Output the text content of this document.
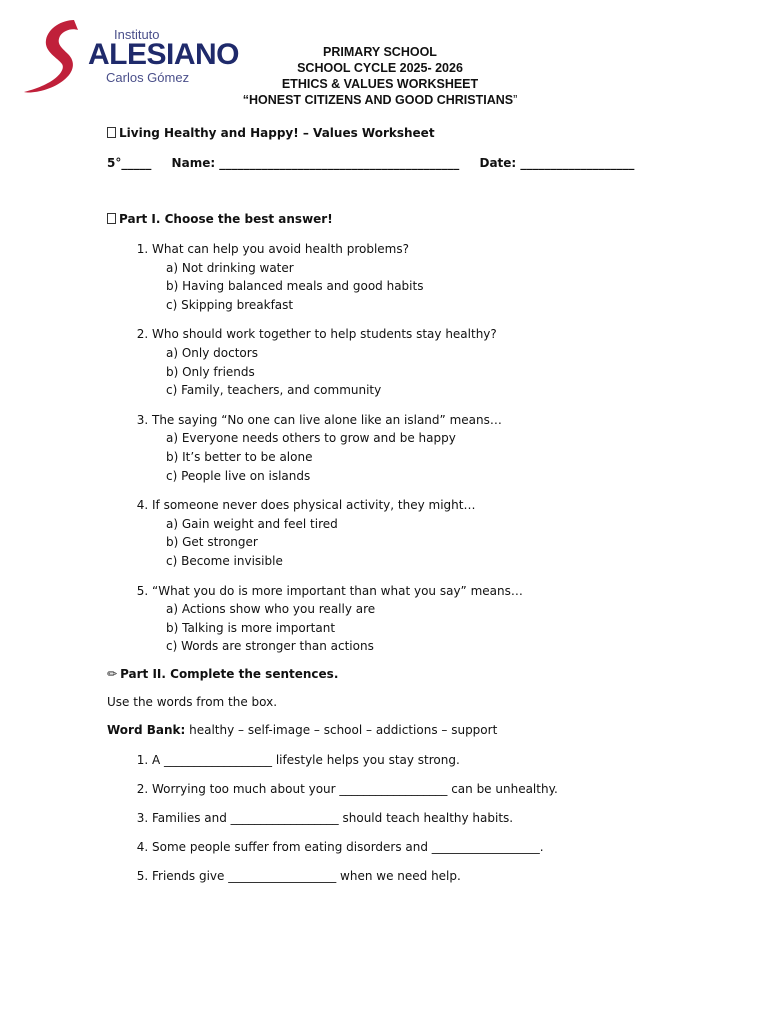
Instituto
ALESIANO
Carlos Gómez
PRIMARY SCHOOL
SCHOOL CYCLE 2025- 2026
ETHICS & VALUES WORKSHEET
“HONEST CITIZENS AND GOOD CHRISTIANS”
Living Healthy and Happy! – Values Worksheet
5°_____ Name: ________________________________________ Date: ___________________
Part I. Choose the best answer!
1. What can help you avoid health problems?
a) Not drinking water
b) Having balanced meals and good habits
c) Skipping breakfast
2. Who should work together to help students stay healthy?
a) Only doctors
b) Only friends
c) Family, teachers, and community
3. The saying “No one can live alone like an island” means…
a) Everyone needs others to grow and be happy
b) It’s better to be alone
c) People live on islands
4. If someone never does physical activity, they might…
a) Gain weight and feel tired
b) Get stronger
c) Become invisible
5. “What you do is more important than what you say” means…
a) Actions show who you really are
b) Talking is more important
c) Words are stronger than actions
✏ Part II. Complete the sentences.
Use the words from the box.
Word Bank: healthy – self-image – school – addictions – support
1. A __________________ lifestyle helps you stay strong.
2. Worrying too much about your __________________ can be unhealthy.
3. Families and __________________ should teach healthy habits.
4. Some people suffer from eating disorders and __________________.
5. Friends give __________________ when we need help.
